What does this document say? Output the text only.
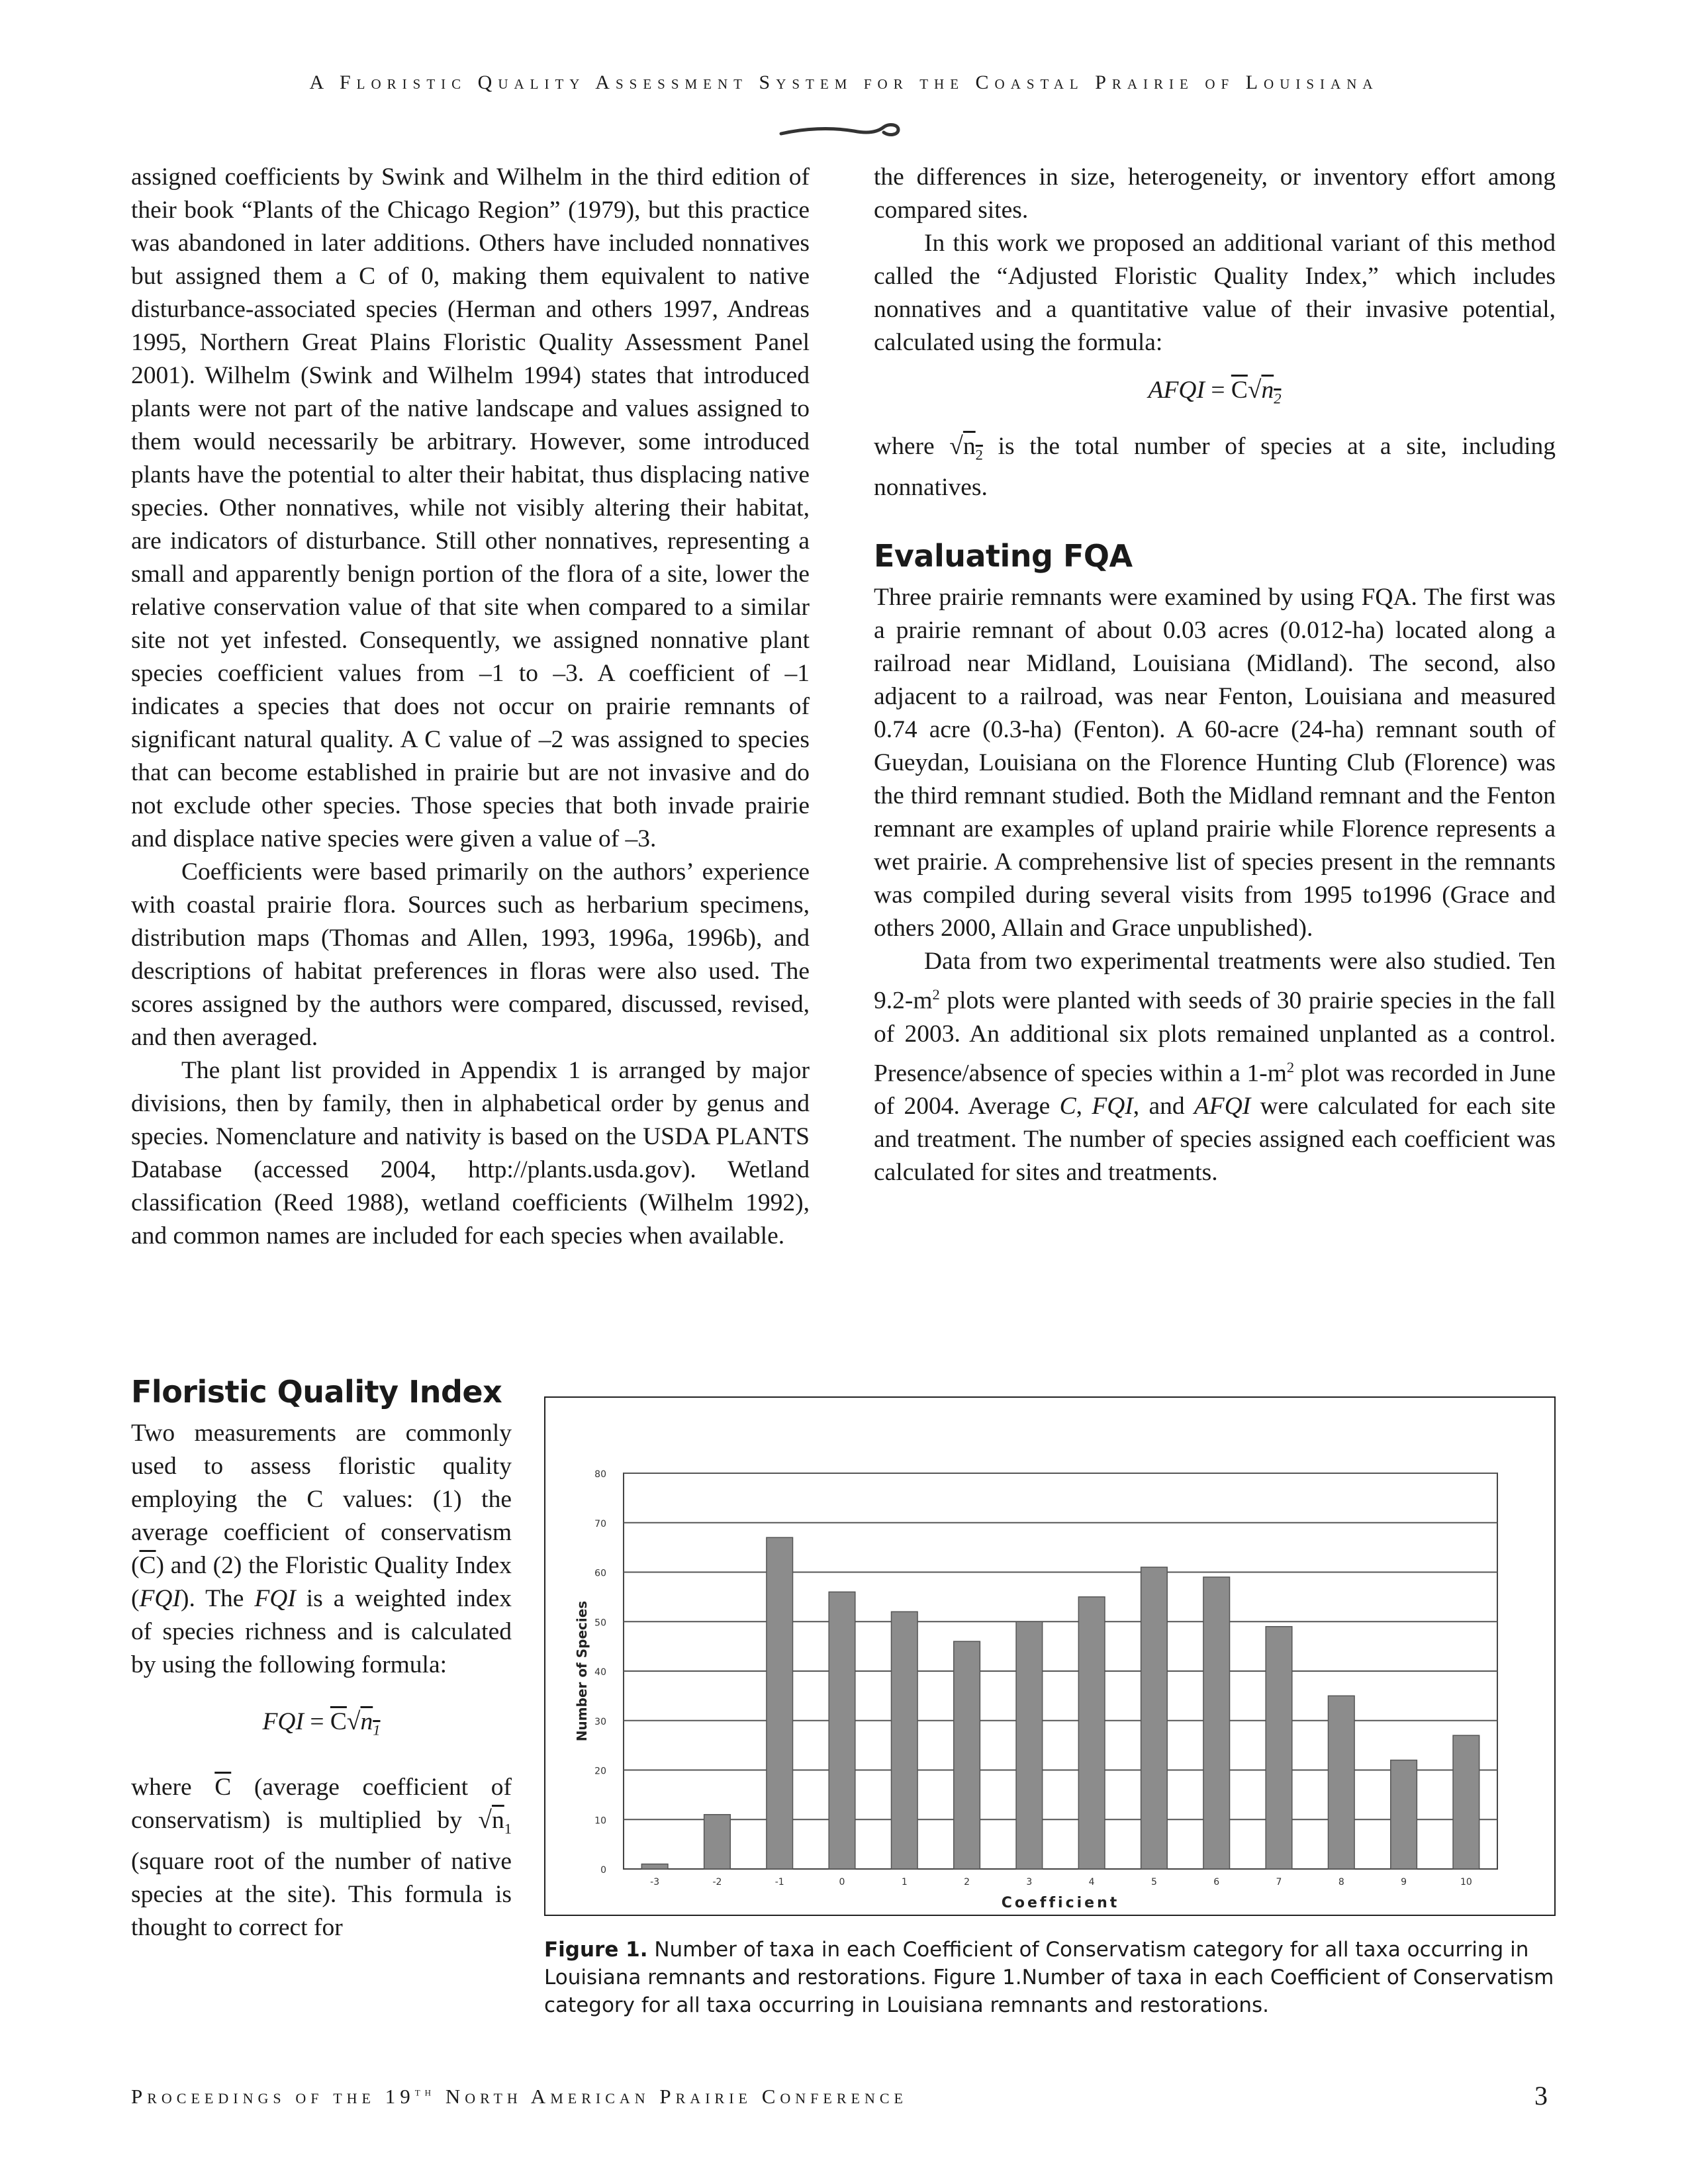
A Floristic Quality Assessment System for the Coastal Prairie of Louisiana

assigned coefficients by Swink and Wilhelm in the third edition of their book “Plants of the Chicago Region” (1979), but this practice was abandoned in later additions. Others have included nonnatives but assigned them a C of 0, making them equivalent to native disturbance-associated species (Herman and others 1997, Andreas 1995, Northern Great Plains Floristic Quality Assessment Panel 2001). Wilhelm (Swink and Wilhelm 1994) states that introduced plants were not part of the native landscape and values assigned to them would necessarily be arbitrary. However, some introduced plants have the potential to alter their habitat, thus displacing native species. Other nonnatives, while not visibly altering their habitat, are indicators of disturbance. Still other nonnatives, representing a small and apparently benign portion of the flora of a site, lower the relative conservation value of that site when compared to a similar site not yet infested. Consequently, we assigned nonnative plant species coefficient values from –1 to –3. A coefficient of –1 indicates a species that does not occur on prairie remnants of significant natural quality. A C value of –2 was assigned to species that can become established in prairie but are not invasive and do not exclude other species. Those species that both invade prairie and displace native species were given a value of –3.

Coefficients were based primarily on the authors’ experience with coastal prairie flora. Sources such as herbarium specimens, distribution maps (Thomas and Allen, 1993, 1996a, 1996b), and descriptions of habitat preferences in floras were also used. The scores assigned by the authors were compared, discussed, revised, and then averaged.

The plant list provided in Appendix 1 is arranged by major divisions, then by family, then in alphabetical order by genus and species. Nomenclature and nativity is based on the USDA PLANTS Database (accessed 2004, http://plants.usda.gov). Wetland classification (Reed 1988), wetland coefficients (Wilhelm 1992), and common names are included for each species when available.

the differences in size, heterogeneity, or inventory effort among compared sites.

In this work we proposed an additional variant of this method called the “Adjusted Floristic Quality Index,” which includes nonnatives and a quantitative value of their invasive potential, calculated using the formula:

AFQI = $\overline{C}√n_2$

where $√n_2$ is the total number of species at a site, including nonnatives.

Evaluating FQA

Three prairie remnants were examined by using FQA. The first was a prairie remnant of about 0.03 acres (0.012-ha) located along a railroad near Midland, Louisiana (Midland). The second, also adjacent to a railroad, was near Fenton, Louisiana and measured 0.74 acre (0.3-ha) (Fenton). A 60-acre (24-ha) remnant south of Gueydan, Louisiana on the Florence Hunting Club (Florence) was the third remnant studied. Both the Midland remnant and the Fenton remnant are examples of upland prairie while Florence represents a wet prairie. A comprehensive list of species present in the remnants was compiled during several visits from 1995 to1996 (Grace and others 2000, Allain and Grace unpublished).

Data from two experimental treatments were also studied. Ten $9.2-m^2$ plots were planted with seeds of 30 prairie species in the fall of 2003. An additional six plots remained unplanted as a control. Presence/absence of species within a $1-m^2$ plot was recorded in June of 2004. Average C, FQI, and AFQI were calculated for each site and treatment. The number of species assigned each coefficient was calculated for sites and treatments.

Floristic Quality Index

Two measurements are commonly used to assess floristic quality employing the C values: (1) the average coefficient of conservatism $(\overline{C})$ and (2) the Floristic Quality Index (FQI). The FQI is a weighted index of species richness and is calculated by using the following formula:

FQI = $\overline{C}√n_1$

where $\overline{C}$ (average coefficient of conservatism) is multiplied by $√n_1$ (square root of the number of native species at the site). This formula is thought to correct for

0
10
20
30
40
50
60
70
80
-3	-2	-1	0	1	2	3	4	5	6	7	8	9	10
Coefficient
Number of Species
Figure 1. Number of taxa in each Coefficient of Conservatism category for all taxa occurring in Louisiana remnants and restorations. Figure 1.Number of taxa in each Coefficient of Conservatism category for all taxa occurring in Louisiana remnants and restorations.
Proceedings of the 19th North American Prairie Conference	3
